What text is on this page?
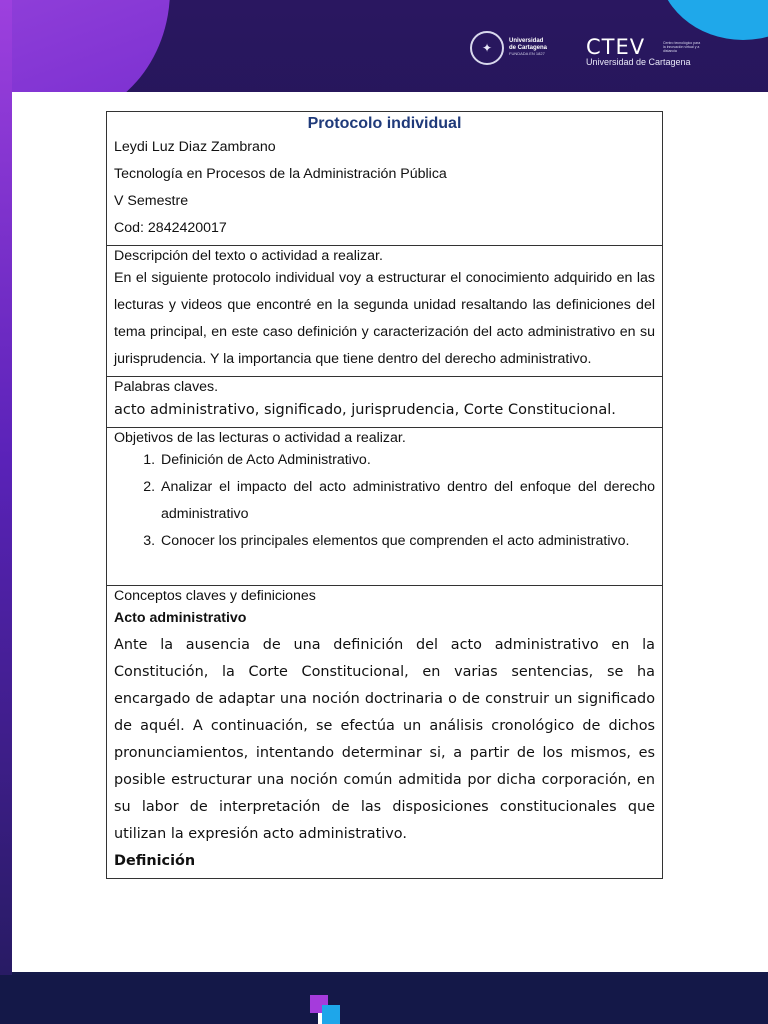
✦	Universidad
de Cartagena
FUNDADA EN 1827 CTEV	Centro tecnológico para la innovación virtual y a distancia
Universidad de Cartagena
Protocolo individual
Leydi Luz Diaz Zambrano
Tecnología en Procesos de la Administración Pública
V Semestre
Cod: 2842420017

Descripción del texto o actividad a realizar.
En el siguiente protocolo individual voy a estructurar el conocimiento adquirido en las lecturas y videos que encontré en la segunda unidad resaltando las definiciones del tema principal, en este caso definición y caracterización del acto administrativo en su jurisprudencia. Y la importancia que tiene dentro del derecho administrativo.

Palabras claves.
acto administrativo, significado, jurisprudencia, Corte Constitucional.

Objetivos de las lecturas o actividad a realizar.
1. Definición de Acto Administrativo.
2. Analizar el impacto del acto administrativo dentro del enfoque del derecho administrativo
3. Conocer los principales elementos que comprenden el acto administrativo.

Conceptos claves y definiciones
Acto administrativo
Ante la ausencia de una definición del acto administrativo en la Constitución, la Corte Constitucional, en varias sentencias, se ha encargado de adaptar una noción doctrinaria o de construir un significado de aquél. A continuación, se efectúa un análisis cronológico de dichos pronunciamientos, intentando determinar si, a partir de los mismos, es posible estructurar una noción común admitida por dicha corporación, en su labor de interpretación de las disposiciones constitucionales que utilizan la expresión acto administrativo.
Definición
